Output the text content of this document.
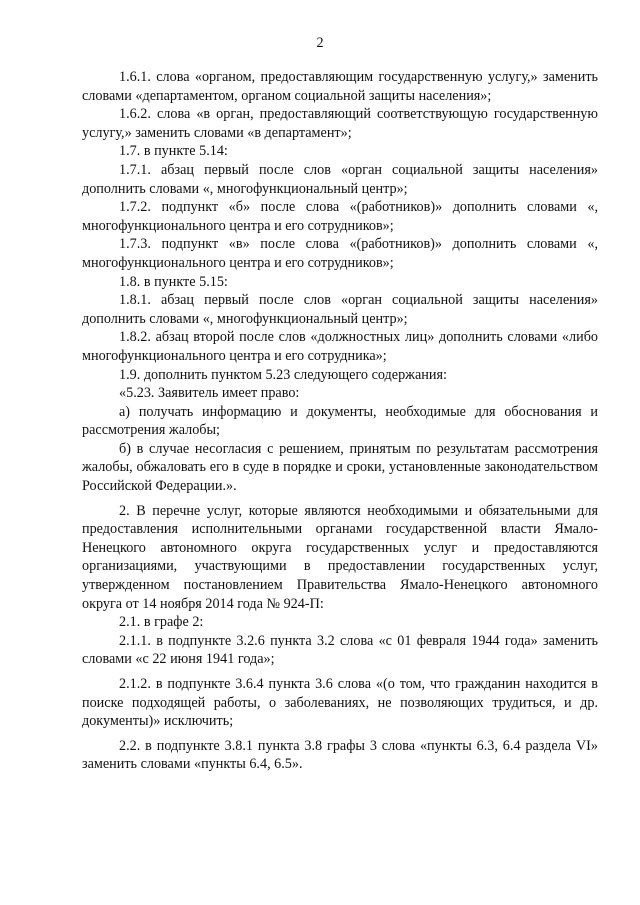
2

1.6.1. слова «органом, предоставляющим государственную услугу,» заменить словами «департаментом, органом социальной защиты населения»;

1.6.2. слова «в орган, предоставляющий соответствующую государственную услугу,» заменить словами «в департамент»;

1.7. в пункте 5.14:

1.7.1. абзац первый после слов «орган социальной защиты населения» дополнить словами «, многофункциональный центр»;

1.7.2. подпункт «б» после слова «(работников)» дополнить словами «, многофункционального центра и его сотрудников»;

1.7.3. подпункт «в» после слова «(работников)» дополнить словами «, многофункционального центра и его сотрудников»;

1.8. в пункте 5.15:

1.8.1. абзац первый после слов «орган социальной защиты населения» дополнить словами «, многофункциональный центр»;

1.8.2. абзац второй после слов «должностных лиц» дополнить словами «либо многофункционального центра и его сотрудника»;

1.9. дополнить пунктом 5.23 следующего содержания:

«5.23. Заявитель имеет право:

а) получать информацию и документы, необходимые для обоснования и рассмотрения жалобы;

б) в случае несогласия с решением, принятым по результатам рассмотрения жалобы, обжаловать его в суде в порядке и сроки, установленные законодательством Российской Федерации.».

2. В перечне услуг, которые являются необходимыми и обязательными для предоставления исполнительными органами государственной власти Ямало-Ненецкого автономного округа государственных услуг и предоставляются организациями, участвующими в предоставлении государственных услуг, утвержденном постановлением Правительства Ямало-Ненецкого автономного округа от 14 ноября 2014 года № 924-П:

2.1. в графе 2:

2.1.1. в подпункте 3.2.6 пункта 3.2 слова «с 01 февраля 1944 года» заменить словами «с 22 июня 1941 года»;

2.1.2. в подпункте 3.6.4 пункта 3.6 слова «(о том, что гражданин находится в поиске подходящей работы, о заболеваниях, не позволяющих трудиться, и др. документы)» исключить;

2.2. в подпункте 3.8.1 пункта 3.8 графы 3 слова «пункты 6.3, 6.4 раздела VI» заменить словами «пункты 6.4, 6.5».
